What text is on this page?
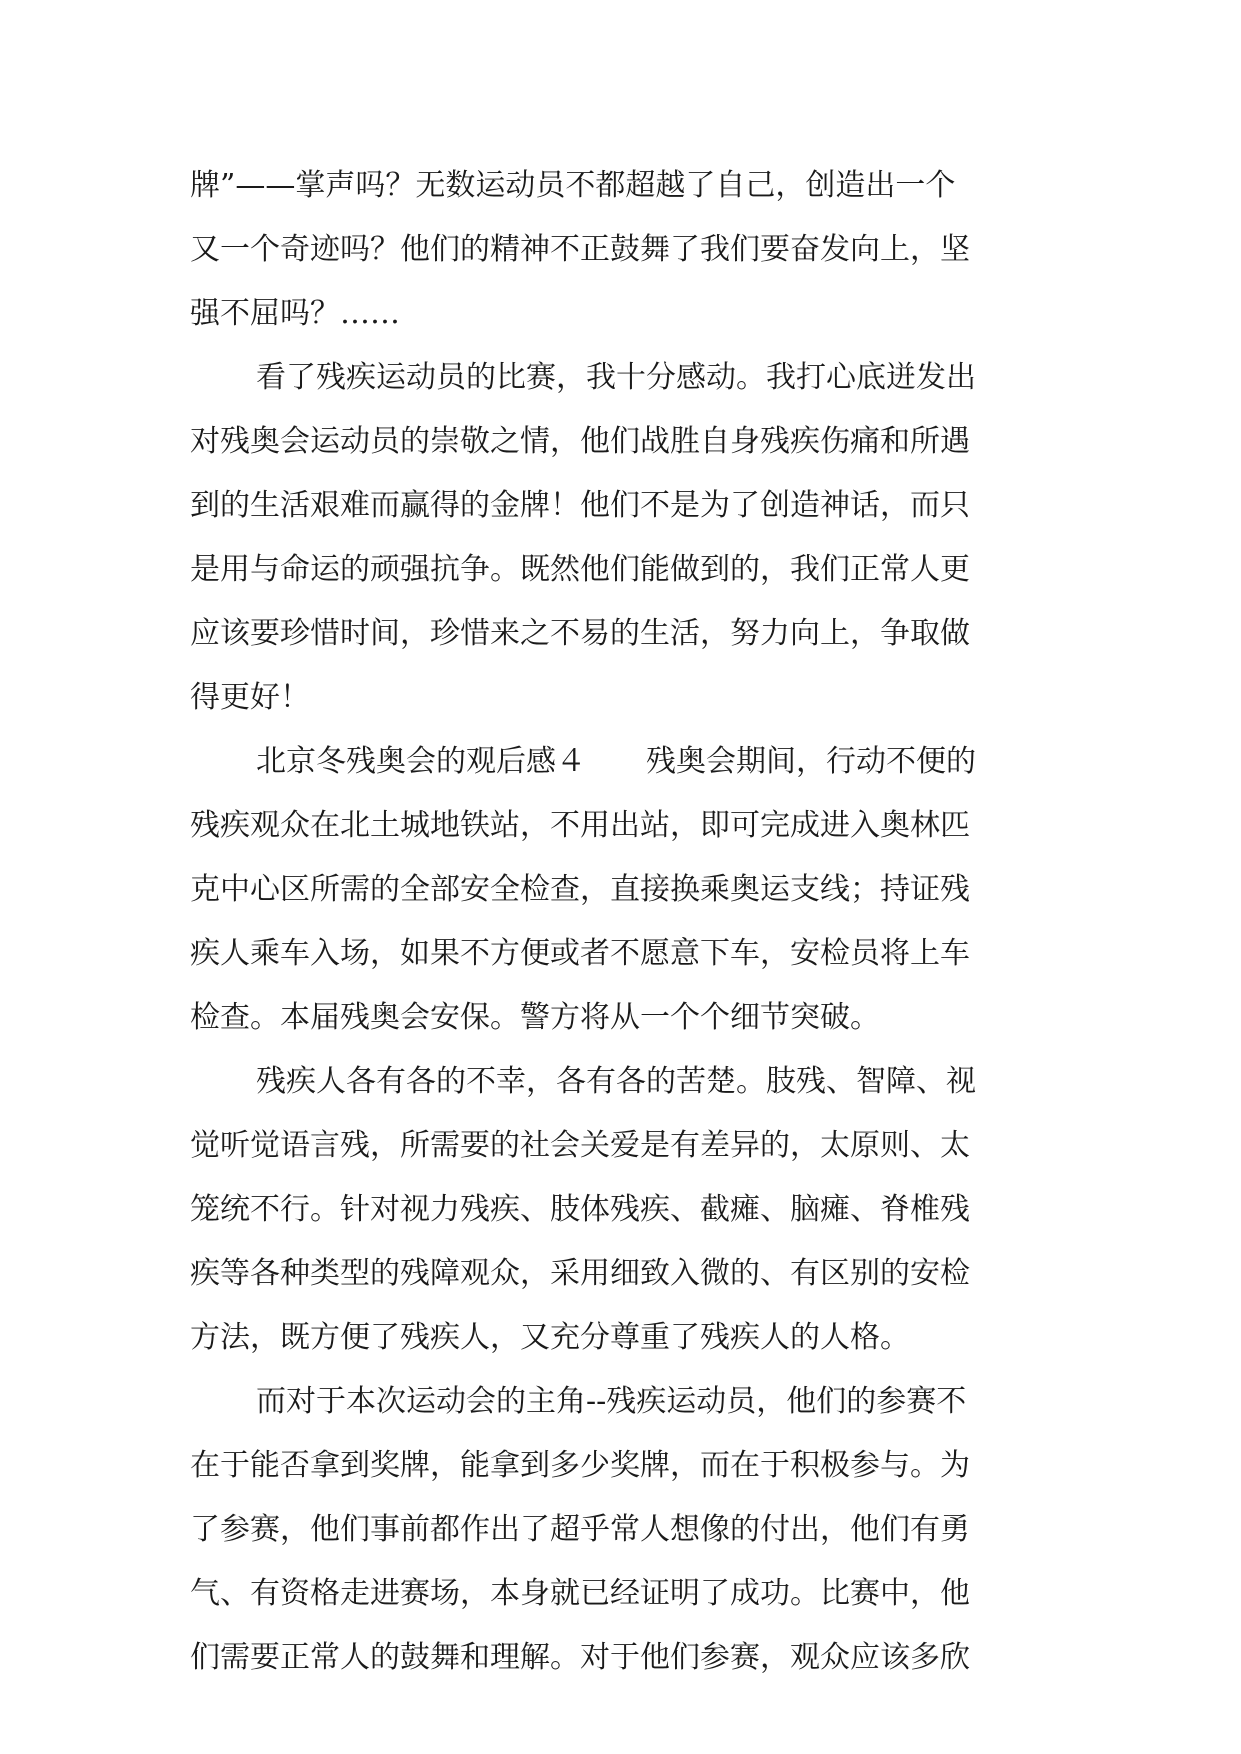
牌”——掌声吗？无数运动员不都超越了自己，创造出一个
又一个奇迹吗？他们的精神不正鼓舞了我们要奋发向上，坚
强不屈吗？……

看了残疾运动员的比赛，我十分感动。我打心底迸发出
对残奥会运动员的崇敬之情，他们战胜自身残疾伤痛和所遇
到的生活艰难而赢得的金牌！他们不是为了创造神话，而只
是用与命运的顽强抗争。既然他们能做到的，我们正常人更
应该要珍惜时间，珍惜来之不易的生活，努力向上，争取做
得更好！

北京冬残奥会的观后感４　　残奥会期间，行动不便的
残疾观众在北土城地铁站，不用出站，即可完成进入奥林匹
克中心区所需的全部安全检查，直接换乘奥运支线；持证残
疾人乘车入场，如果不方便或者不愿意下车，安检员将上车
检查。本届残奥会安保。警方将从一个个细节突破。

残疾人各有各的不幸，各有各的苦楚。肢残、智障、视
觉听觉语言残，所需要的社会关爱是有差异的，太原则、太
笼统不行。针对视力残疾、肢体残疾、截瘫、脑瘫、脊椎残
疾等各种类型的残障观众，采用细致入微的、有区别的安检
方法，既方便了残疾人，又充分尊重了残疾人的人格。

而对于本次运动会的主角--残疾运动员，他们的参赛不
在于能否拿到奖牌，能拿到多少奖牌，而在于积极参与。为
了参赛，他们事前都作出了超乎常人想像的付出，他们有勇
气、有资格走进赛场，本身就已经证明了成功。比赛中，他
们需要正常人的鼓舞和理解。对于他们参赛，观众应该多欣
